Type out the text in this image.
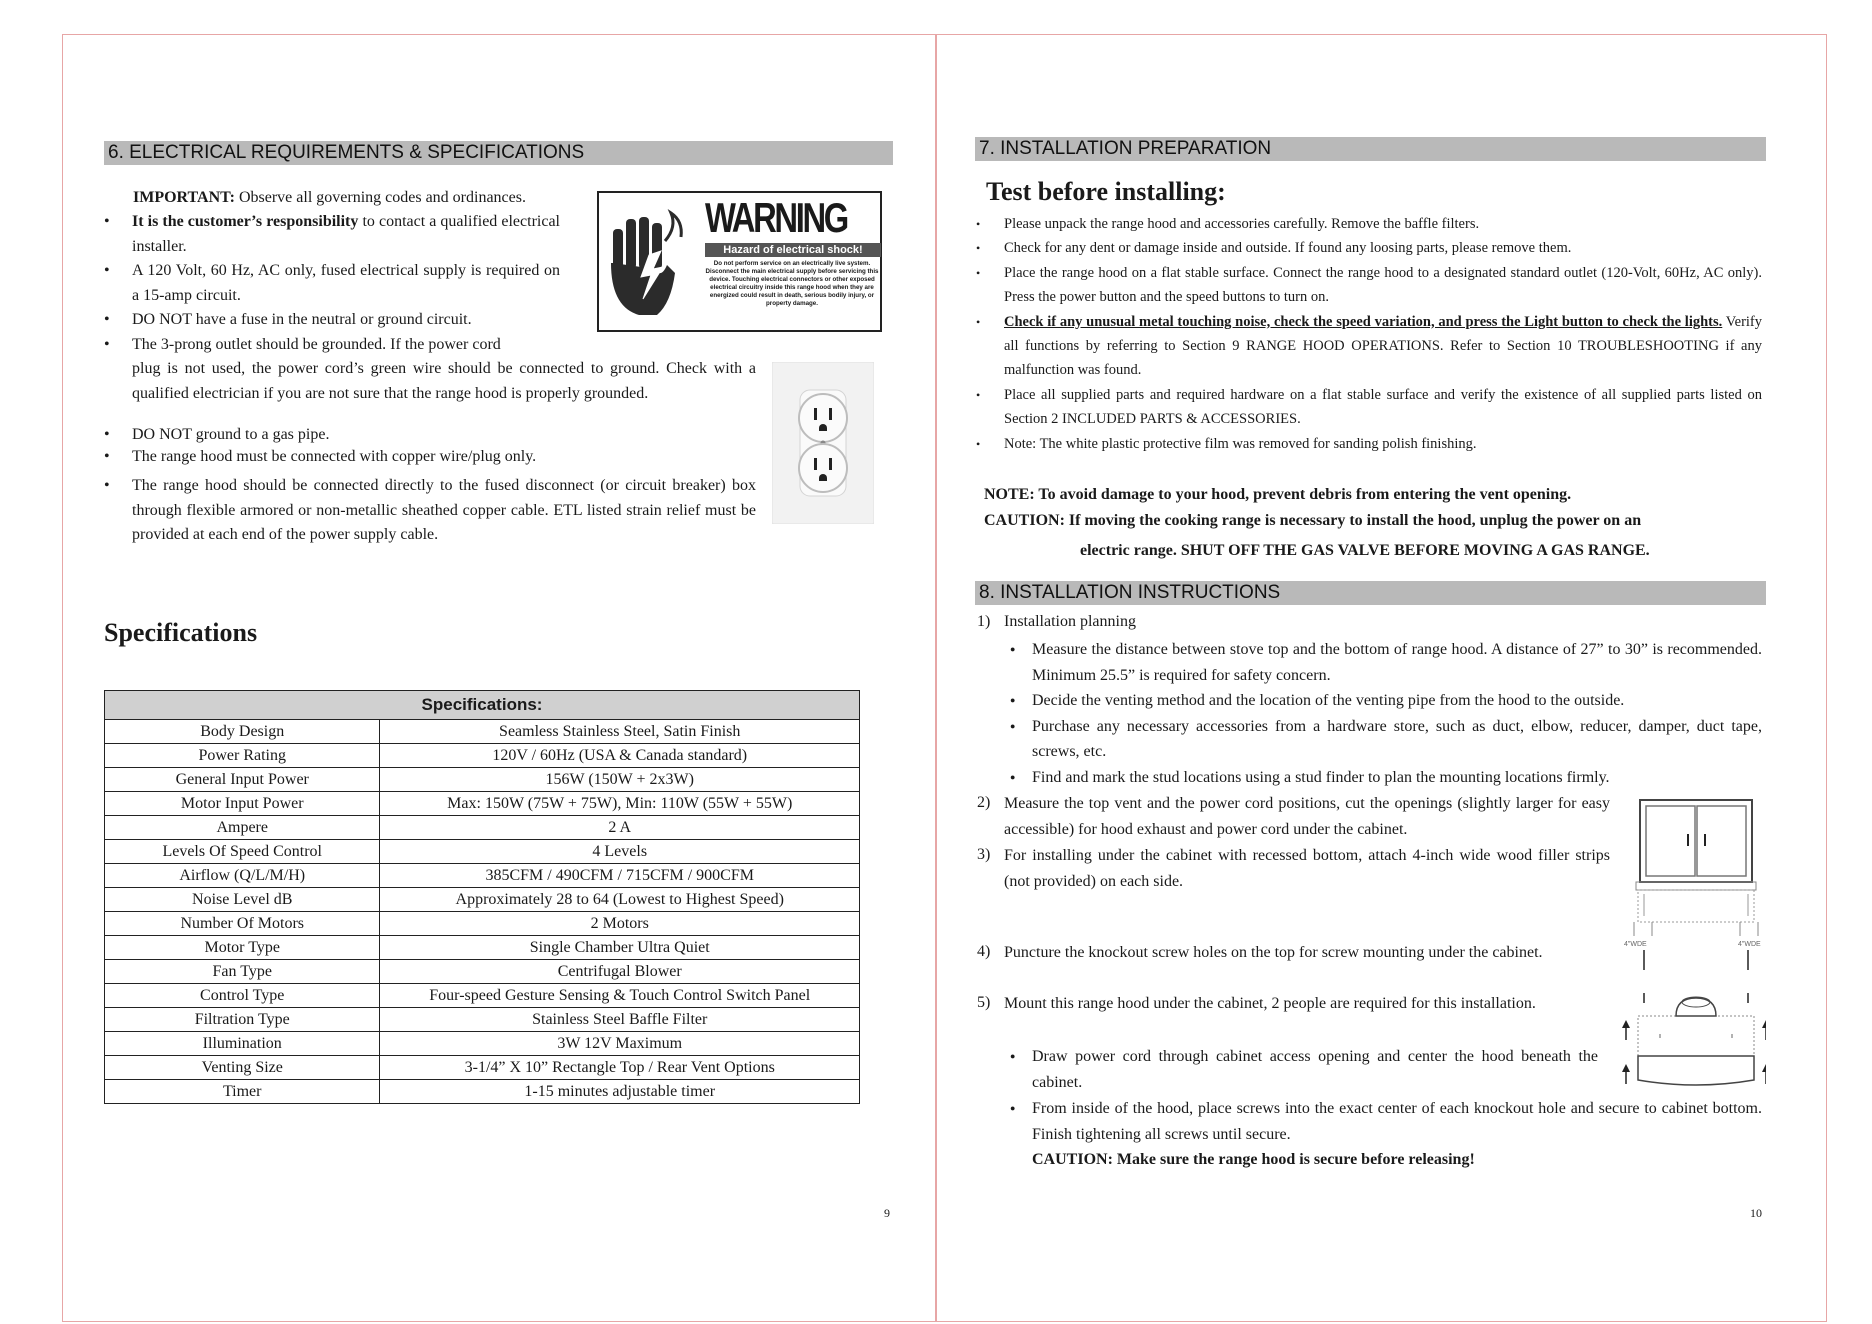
6. ELECTRICAL REQUIREMENTS & SPECIFICATIONS
IMPORTANT: Observe all governing codes and ordinances.
• It is the customer’s responsibility to contact a qualified electrical installer.
• A 120 Volt, 60 Hz, AC only, fused electrical supply is required on a 15-amp circuit.
• DO NOT have a fuse in the neutral or ground circuit.
• The 3-prong outlet should be grounded. If the power cord
plug is not used, the power cord’s green wire should be connected to ground. Check with a qualified electrician if you are not sure that the range hood is properly grounded.
• DO NOT ground to a gas pipe.
• The range hood must be connected with copper wire/plug only.
• The range hood should be connected directly to the fused disconnect (or circuit breaker) box through flexible armored or non-metallic sheathed copper cable. ETL listed strain relief must be provided at each end of the power supply cable.
WARNING
Hazard of electrical shock!
Do not perform service on an electrically live system. Disconnect the main electrical supply before servicing this device. Touching electrical connectors or other exposed electrical circuitry inside this range hood when they are energized could result in death, serious bodily injury, or property damage.
Specifications
Specifications:	
Body Design	Seamless Stainless Steel, Satin Finish
Power Rating	120V / 60Hz (USA & Canada standard)
General Input Power	156W (150W + 2x3W)
Motor Input Power	Max: 150W (75W + 75W), Min: 110W (55W + 55W)
Ampere	2 A
Levels Of Speed Control	4 Levels
Airflow (Q/L/M/H)	385CFM / 490CFM / 715CFM / 900CFM
Noise Level dB	Approximately 28 to 64 (Lowest to Highest Speed)
Number Of Motors	2 Motors
Motor Type	Single Chamber Ultra Quiet
Fan Type	Centrifugal Blower
Control Type	Four-speed Gesture Sensing & Touch Control Switch Panel
Filtration Type	Stainless Steel Baffle Filter
Illumination	3W 12V Maximum
Venting Size	3-1/4” X 10” Rectangle Top / Rear Vent Options
Timer	1-15 minutes adjustable timer
9
7. INSTALLATION PREPARATION
Test before installing:
• Please unpack the range hood and accessories carefully. Remove the baffle filters.
• Check for any dent or damage inside and outside. If found any loosing parts, please remove them.
• Place the range hood on a flat stable surface. Connect the range hood to a designated standard outlet (120-Volt, 60Hz, AC only). Press the power button and the speed buttons to turn on.
• Check if any unusual metal touching noise, check the speed variation, and press the Light button to check the lights. Verify all functions by referring to Section 9 RANGE HOOD OPERATIONS. Refer to Section 10 TROUBLESHOOTING if any malfunction was found.
• Place all supplied parts and required hardware on a flat stable surface and verify the existence of all supplied parts listed on Section 2 INCLUDED PARTS & ACCESSORIES.
• Note: The white plastic protective film was removed for sanding polish finishing.
NOTE: To avoid damage to your hood, prevent debris from entering the vent opening.
CAUTION: If moving the cooking range is necessary to install the hood, unplug the power on an
electric range. SHUT OFF THE GAS VALVE BEFORE MOVING A GAS RANGE.
8. INSTALLATION INSTRUCTIONS
1) Installation planning
● Measure the distance between stove top and the bottom of range hood. A distance of 27” to 30” is recommended. Minimum 25.5” is required for safety concern.
● Decide the venting method and the location of the venting pipe from the hood to the outside.
● Purchase any necessary accessories from a hardware store, such as duct, elbow, reducer, damper, duct tape, screws, etc.
● Find and mark the stud locations using a stud finder to plan the mounting locations firmly.
2) Measure the top vent and the power cord positions, cut the openings (slightly larger for easy accessible) for hood exhaust and power cord under the cabinet.
3) For installing under the cabinet with recessed bottom, attach 4-inch wide wood filler strips (not provided) on each side.
4) Puncture the knockout screw holes on the top for screw mounting under the cabinet.
5) Mount this range hood under the cabinet, 2 people are required for this installation.
● Draw power cord through cabinet access opening and center the hood beneath the cabinet.
● From inside of the hood, place screws into the exact center of each knockout hole and secure to cabinet bottom. Finish tightening all screws until secure.
CAUTION: Make sure the range hood is secure before releasing!
4"WDE	4"WDE
10
